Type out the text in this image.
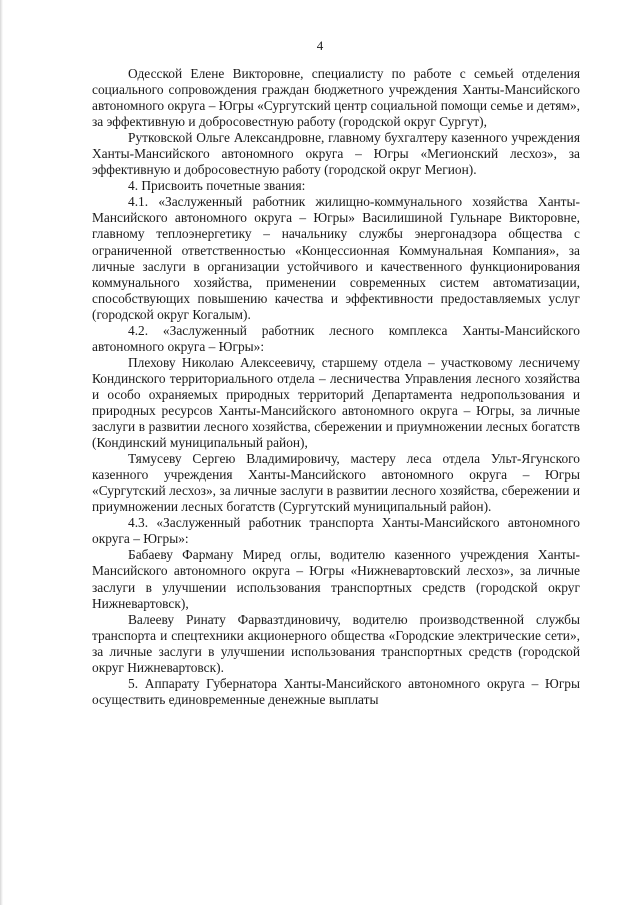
4

Одесской Елене Викторовне, специалисту по работе с семьей отделения социального сопровождения граждан бюджетного учреждения Ханты-Мансийского автономного округа – Югры «Сургутский центр социальной помощи семье и детям», за эффективную и добросовестную работу (городской округ Сургут),

Рутковской Ольге Александровне, главному бухгалтеру казенного учреждения Ханты-Мансийского автономного округа – Югры «Мегионский лесхоз», за эффективную и добросовестную работу (городской округ Мегион).

4. Присвоить почетные звания:

4.1. «Заслуженный работник жилищно-коммунального хозяйства Ханты-Мансийского автономного округа – Югры» Василишиной Гульнаре Викторовне, главному теплоэнергетику – начальнику службы энергонадзора общества с ограниченной ответственностью «Концессионная Коммунальная Компания», за личные заслуги в организации устойчивого и качественного функционирования коммунального хозяйства, применении современных систем автоматизации, способствующих повышению качества и эффективности предоставляемых услуг (городской округ Когалым).

4.2. «Заслуженный работник лесного комплекса Ханты-Мансийского автономного округа – Югры»:

Плехову Николаю Алексеевичу, старшему отдела – участковому лесничему Кондинского территориального отдела – лесничества Управления лесного хозяйства и особо охраняемых природных территорий Департамента недропользования и природных ресурсов Ханты-Мансийского автономного округа – Югры, за личные заслуги в развитии лесного хозяйства, сбережении и приумножении лесных богатств (Кондинский муниципальный район),

Тямусеву Сергею Владимировичу, мастеру леса отдела Ульт-Ягунского казенного учреждения Ханты-Мансийского автономного округа – Югры «Сургутский лесхоз», за личные заслуги в развитии лесного хозяйства, сбережении и приумножении лесных богатств (Сургутский муниципальный район).

4.3. «Заслуженный работник транспорта Ханты-Мансийского автономного округа – Югры»:

Бабаеву Фарману Миред оглы, водителю казенного учреждения Ханты-Мансийского автономного округа – Югры «Нижневартовский лесхоз», за личные заслуги в улучшении использования транспортных средств (городской округ Нижневартовск),

Валееву Ринату Фарвазтдиновичу, водителю производственной службы транспорта и спецтехники акционерного общества «Городские электрические сети», за личные заслуги в улучшении использования транспортных средств (городской округ Нижневартовск).

5. Аппарату Губернатора Ханты-Мансийского автономного округа – Югры осуществить единовременные денежные выплаты
